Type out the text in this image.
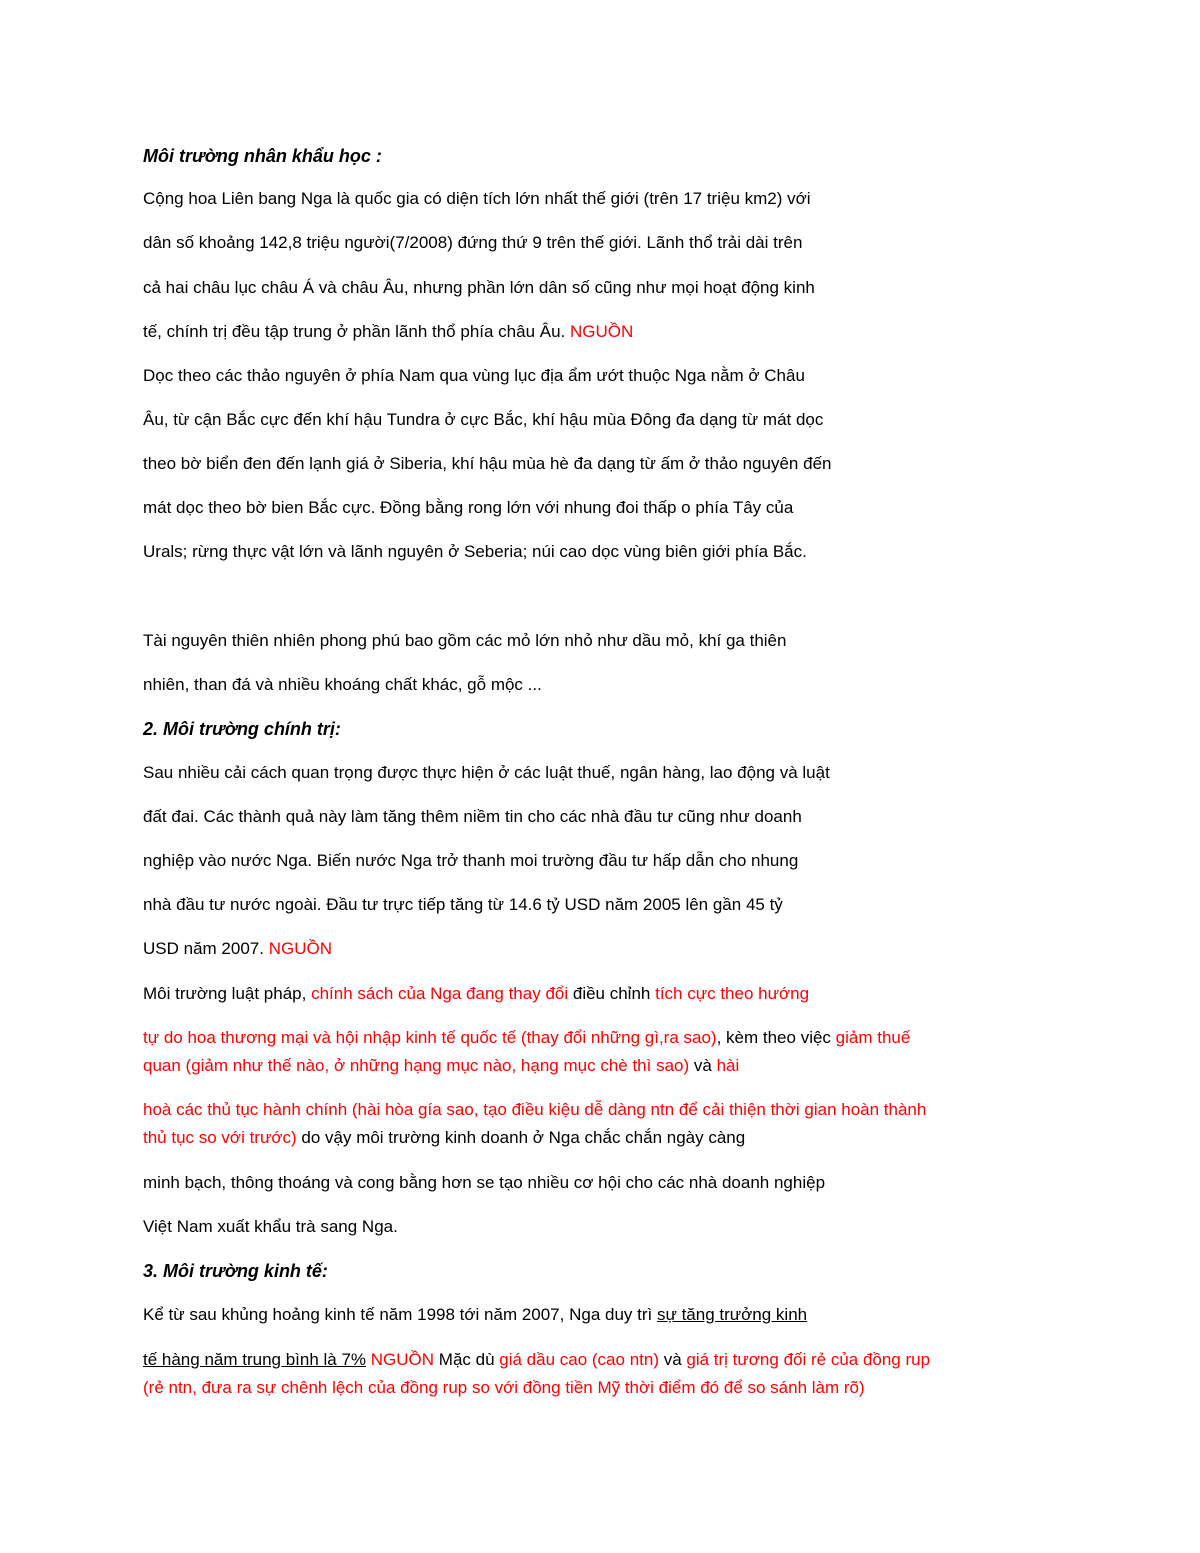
Môi trường nhân khẩu học :
Cộng hoa Liên bang Nga là quốc gia có diện tích lớn nhất thế giới (trên 17 triệu km2) với
dân số khoảng 142,8 triệu người(7/2008) đứng thứ 9 trên thế giới. Lãnh thổ trải dài trên
cả hai châu lục châu Á và châu Âu, nhưng phần lớn dân số cũng như mọi hoạt động kinh
tế, chính trị đều tập trung ở phần lãnh thổ phía châu Âu. NGUỒN
Dọc theo các thảo nguyên ở phía Nam qua vùng lục địa ẩm ướt thuộc Nga nằm ở Châu
Âu, từ cận Bắc cực đến khí hậu Tundra ở cực Bắc, khí hậu mùa Đông đa dạng từ mát dọc
theo bờ biển đen đến lạnh giá ở Siberia, khí hậu mùa hè đa dạng từ ấm ở thảo nguyên đến
mát dọc theo bờ bien Bắc cực. Đồng bằng rong lớn với nhung đoi thấp o phía Tây của
Urals; rừng thực vật lớn và lãnh nguyên ở Seberia; núi cao dọc vùng biên giới phía Bắc.
Tài nguyên thiên nhiên phong phú bao gồm các mỏ lớn nhỏ như dầu mỏ, khí ga thiên
nhiên, than đá và nhiều khoáng chất khác, gỗ mộc ...
2. Môi trường chính trị:
Sau nhiều cải cách quan trọng được thực hiện ở các luật thuế, ngân hàng, lao động và luật
đất đai. Các thành quả này làm tăng thêm niềm tin cho các nhà đầu tư cũng như doanh
nghiệp vào nước Nga. Biến nước Nga trở thanh moi trường đầu tư hấp dẫn cho nhung
nhà đầu tư nước ngoài. Đầu tư trực tiếp tăng từ 14.6 tỷ USD năm 2005 lên gần 45 tỷ
USD năm 2007. NGUỒN
Môi trường luật pháp, chính sách của Nga đang thay đổi điều chỉnh tích cực theo hướng
tự do hoa thương mại và hội nhập kinh tế quốc tế (thay đổi những gì,ra sao), kèm theo việc giảm thuế
quan (giảm như thế nào, ở những hạng mục nào, hạng mục chè thì sao) và hài
hoà các thủ tục hành chính (hài hòa gía sao, tạo điều kiệu dễ dàng ntn để cải thiện thời gian hoàn thành
thủ tục so với trước) do vậy môi trường kinh doanh ở Nga chắc chắn ngày càng
minh bạch, thông thoáng và cong bằng hơn se tạo nhiều cơ hội cho các nhà doanh nghiệp
Việt Nam xuất khẩu trà sang Nga.
3. Môi trường kinh tế:
Kể từ sau khủng hoảng kinh tế năm 1998 tới năm 2007, Nga duy trì sự tăng trưởng kinh
tế hàng năm trung bình là 7% NGUỒN Mặc dù giá dầu cao (cao ntn) và giá trị tương đối rẻ của đồng rup
(rẻ ntn, đưa ra sự chênh lệch của đồng rup so với đồng tiền Mỹ thời điểm đó để so sánh làm rõ)
